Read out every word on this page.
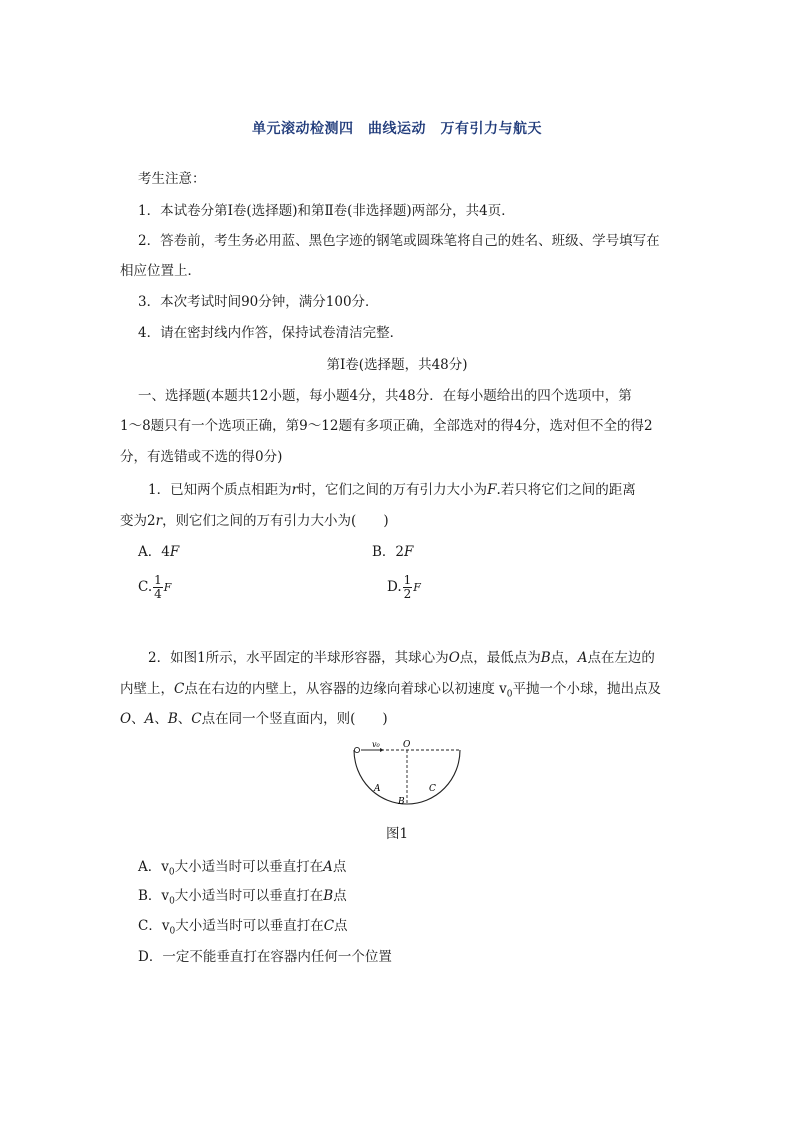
单元滚动检测四　曲线运动　万有引力与航天
考生注意：
1．本试卷分第Ⅰ卷(选择题)和第Ⅱ卷(非选择题)两部分，共4页．
2．答卷前，考生务必用蓝、黑色字迹的钢笔或圆珠笔将自己的姓名、班级、学号填写在
相应位置上．
3．本次考试时间90分钟，满分100分．
4．请在密封线内作答，保持试卷清洁完整．
第Ⅰ卷(选择题，共48分)
一、选择题(本题共12小题，每小题4分，共48分．在每小题给出的四个选项中，第
1～8题只有一个选项正确，第9～12题有多项正确，全部选对的得4分，选对但不全的得2
分，有选错或不选的得0分)
1．已知两个质点相距为r时，它们之间的万有引力大小为F.若只将它们之间的距离
变为2r，则它们之间的万有引力大小为(　　)
A．4F	B．2F
C. $\frac{1}{4}$ F	D. $\frac{1}{2}$ F
2．如图1所示，水平固定的半球形容器，其球心为O点，最低点为B点，A点在左边的
内壁上，C点在右边的内壁上，从容器的边缘向着球心以初速度 $v_0$平抛一个小球，抛出点及
O、A、B、C点在同一个竖直面内，则(　　)
v₀	O
A
B
C
图1
A．$v_0$大小适当时可以垂直打在A点
B．$v_0$大小适当时可以垂直打在B点
C．$v_0$大小适当时可以垂直打在C点
D．一定不能垂直打在容器内任何一个位置
